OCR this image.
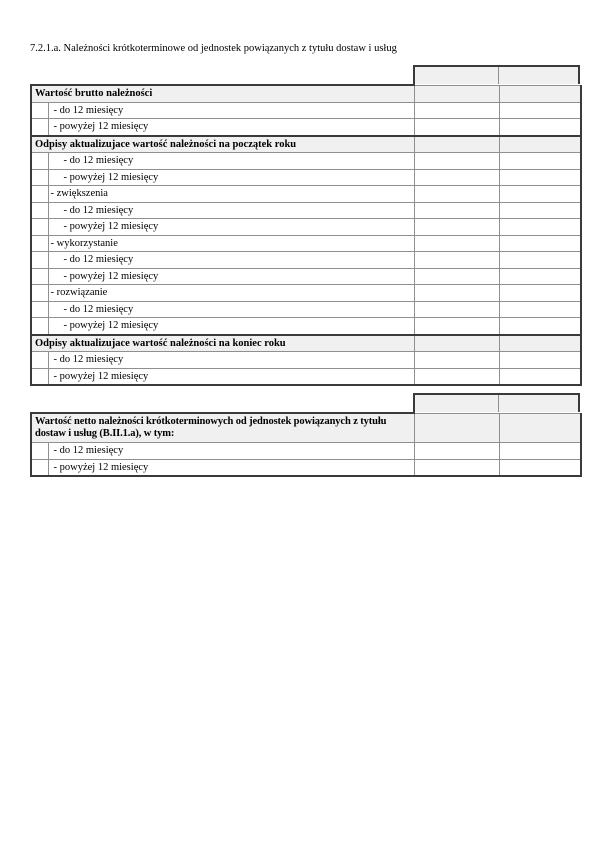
7.2.1.a. Należności krótkoterminowe od jednostek powiązanych z tytułu dostaw i usług
Wartość brutto należności			
	- do 12 miesięcy		
	- powyżej 12 miesięcy		
Odpisy aktualizujace wartość należności na początek roku			
	- do 12 miesięcy		
	- powyżej 12 miesięcy		
	- zwiększenia		
	- do 12 miesięcy		
	- powyżej 12 miesięcy		
	- wykorzystanie		
	- do 12 miesięcy		
	- powyżej 12 miesięcy		
	- rozwiązanie		
	- do 12 miesięcy		
	- powyżej 12 miesięcy		
Odpisy aktualizujace wartość należności na koniec roku			
	- do 12 miesięcy		
	- powyżej 12 miesięcy		
Wartość netto należności krótkoterminowych od jednostek powiązanych z tytułu dostaw i usług (B.II.1.a), w tym:			
	- do 12 miesięcy		
	- powyżej 12 miesięcy		
